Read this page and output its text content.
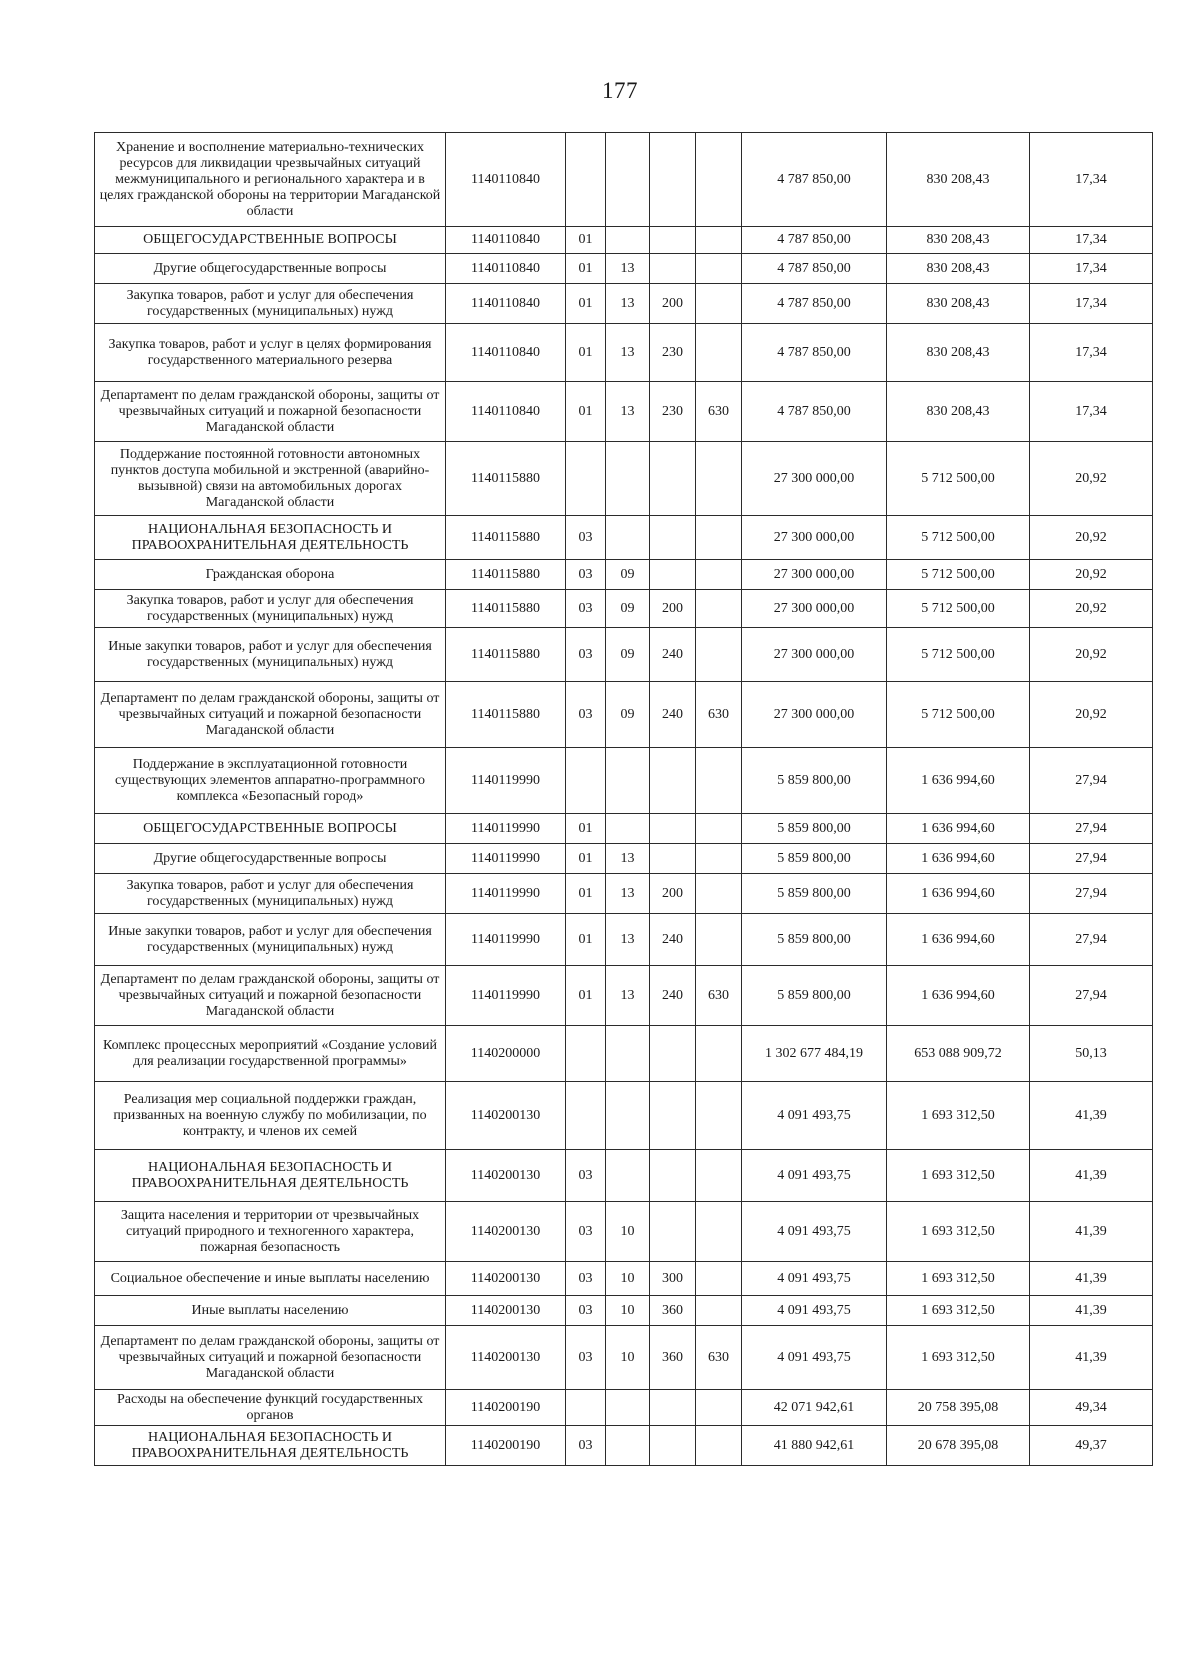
177
Хранение и восполнение материально-технических ресурсов для ликвидации чрезвычайных ситуаций межмуниципального и регионального характера и в целях гражданской обороны на территории Магаданской области	1140110840					4 787 850,00	830 208,43	17,34
ОБЩЕГОСУДАРСТВЕННЫЕ ВОПРОСЫ	1140110840	01				4 787 850,00	830 208,43	17,34
Другие общегосударственные вопросы	1140110840	01	13			4 787 850,00	830 208,43	17,34
Закупка товаров, работ и услуг для обеспечения государственных (муниципальных) нужд	1140110840	01	13	200		4 787 850,00	830 208,43	17,34
Закупка товаров, работ и услуг в целях формирования государственного материального резерва	1140110840	01	13	230		4 787 850,00	830 208,43	17,34
Департамент по делам гражданской обороны, защиты от чрезвычайных ситуаций и пожарной безопасности Магаданской области	1140110840	01	13	230	630	4 787 850,00	830 208,43	17,34
Поддержание постоянной готовности автономных пунктов доступа мобильной и экстренной (аварийно-вызывной) связи на автомобильных дорогах Магаданской области	1140115880					27 300 000,00	5 712 500,00	20,92
НАЦИОНАЛЬНАЯ БЕЗОПАСНОСТЬ И ПРАВООХРАНИТЕЛЬНАЯ ДЕЯТЕЛЬНОСТЬ	1140115880	03				27 300 000,00	5 712 500,00	20,92
Гражданская оборона	1140115880	03	09			27 300 000,00	5 712 500,00	20,92
Закупка товаров, работ и услуг для обеспечения государственных (муниципальных) нужд	1140115880	03	09	200		27 300 000,00	5 712 500,00	20,92
Иные закупки товаров, работ и услуг для обеспечения государственных (муниципальных) нужд	1140115880	03	09	240		27 300 000,00	5 712 500,00	20,92
Департамент по делам гражданской обороны, защиты от чрезвычайных ситуаций и пожарной безопасности Магаданской области	1140115880	03	09	240	630	27 300 000,00	5 712 500,00	20,92
Поддержание в эксплуатационной готовности существующих элементов аппаратно-программного комплекса «Безопасный город»	1140119990					5 859 800,00	1 636 994,60	27,94
ОБЩЕГОСУДАРСТВЕННЫЕ ВОПРОСЫ	1140119990	01				5 859 800,00	1 636 994,60	27,94
Другие общегосударственные вопросы	1140119990	01	13			5 859 800,00	1 636 994,60	27,94
Закупка товаров, работ и услуг для обеспечения государственных (муниципальных) нужд	1140119990	01	13	200		5 859 800,00	1 636 994,60	27,94
Иные закупки товаров, работ и услуг для обеспечения государственных (муниципальных) нужд	1140119990	01	13	240		5 859 800,00	1 636 994,60	27,94
Департамент по делам гражданской обороны, защиты от чрезвычайных ситуаций и пожарной безопасности Магаданской области	1140119990	01	13	240	630	5 859 800,00	1 636 994,60	27,94
Комплекс процессных мероприятий «Создание условий для реализации государственной программы»	1140200000					1 302 677 484,19	653 088 909,72	50,13
Реализация мер социальной поддержки граждан, призванных на военную службу по мобилизации, по контракту, и членов их семей	1140200130					4 091 493,75	1 693 312,50	41,39
НАЦИОНАЛЬНАЯ БЕЗОПАСНОСТЬ И ПРАВООХРАНИТЕЛЬНАЯ ДЕЯТЕЛЬНОСТЬ	1140200130	03				4 091 493,75	1 693 312,50	41,39
Защита населения и территории от чрезвычайных ситуаций природного и техногенного характера, пожарная безопасность	1140200130	03	10			4 091 493,75	1 693 312,50	41,39
Социальное обеспечение и иные выплаты населению	1140200130	03	10	300		4 091 493,75	1 693 312,50	41,39
Иные выплаты населению	1140200130	03	10	360		4 091 493,75	1 693 312,50	41,39
Департамент по делам гражданской обороны, защиты от чрезвычайных ситуаций и пожарной безопасности Магаданской области	1140200130	03	10	360	630	4 091 493,75	1 693 312,50	41,39
Расходы на обеспечение функций государственных органов	1140200190					42 071 942,61	20 758 395,08	49,34
НАЦИОНАЛЬНАЯ БЕЗОПАСНОСТЬ И ПРАВООХРАНИТЕЛЬНАЯ ДЕЯТЕЛЬНОСТЬ	1140200190	03				41 880 942,61	20 678 395,08	49,37
